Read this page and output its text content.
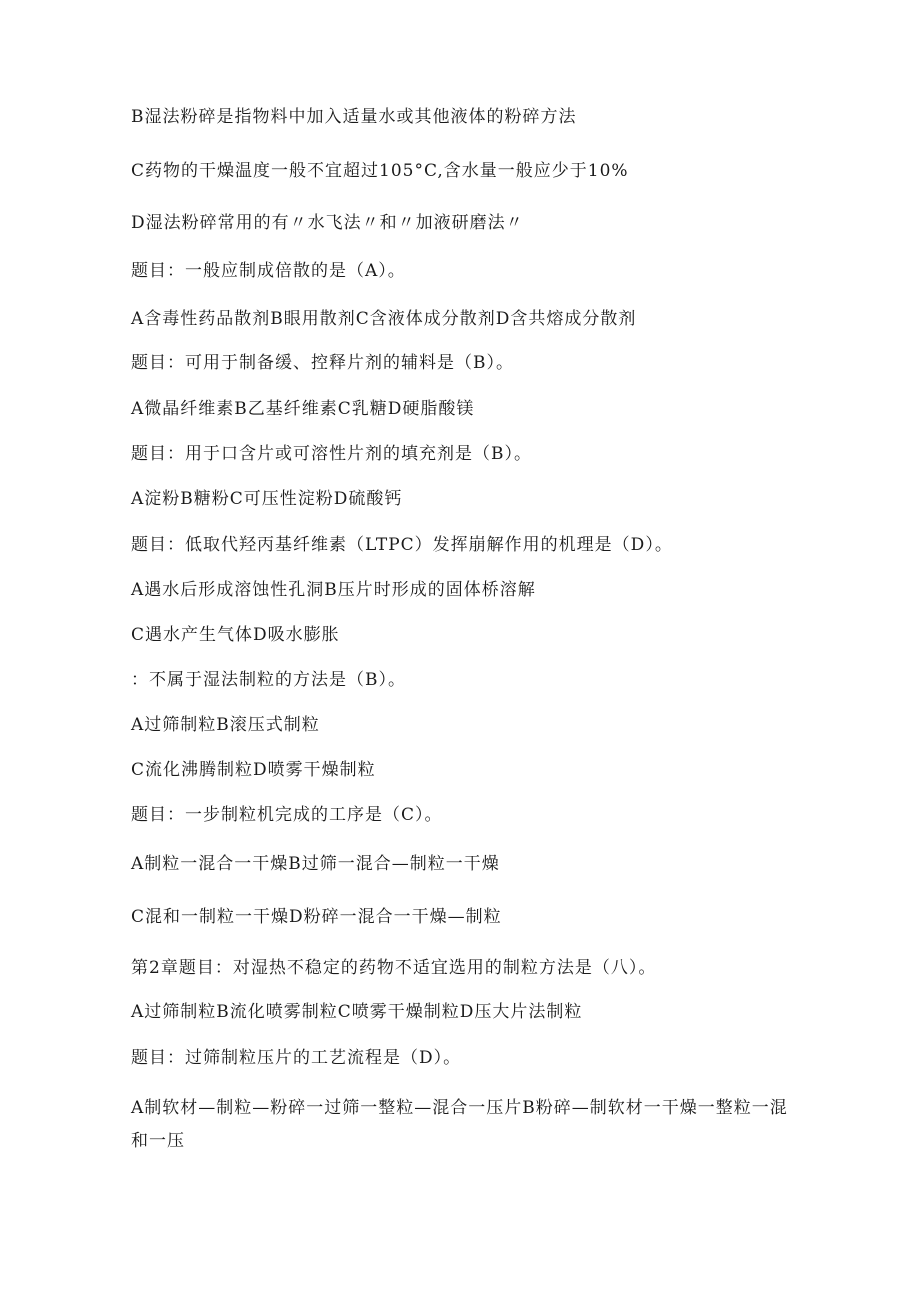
B湿法粉碎是指物料中加入适量水或其他液体的粉碎方法
C药物的干燥温度一般不宜超过105°C,含水量一般应少于10%
D湿法粉碎常用的有〃水飞法〃和〃加液研磨法〃
题目：一般应制成倍散的是（A）。
A含毒性药品散剂B眼用散剂C含液体成分散剂D含共熔成分散剂
题目：可用于制备缓、控释片剂的辅料是（B）。
A微晶纤维素B乙基纤维素C乳糖D硬脂酸镁
题目：用于口含片或可溶性片剂的填充剂是（B）。
A淀粉B糖粉C可压性淀粉D硫酸钙
题目：低取代羟丙基纤维素（LTPC）发挥崩解作用的机理是（D）。
A遇水后形成溶蚀性孔洞B压片时形成的固体桥溶解
C遇水产生气体D吸水膨胀
：不属于湿法制粒的方法是（B）。
A过筛制粒B滚压式制粒
C流化沸腾制粒D喷雾干燥制粒
题目：一步制粒机完成的工序是（C）。
A制粒一混合一干燥B过筛一混合—制粒一干燥
C混和一制粒一干燥D粉碎一混合一干燥—制粒
第2章题目：对湿热不稳定的药物不适宜选用的制粒方法是（八）。
A过筛制粒B流化喷雾制粒C喷雾干燥制粒D压大片法制粒
题目：过筛制粒压片的工艺流程是（D）。
A制软材—制粒—粉碎一过筛一整粒—混合一压片B粉碎—制软材一干燥一整粒一混和一压
